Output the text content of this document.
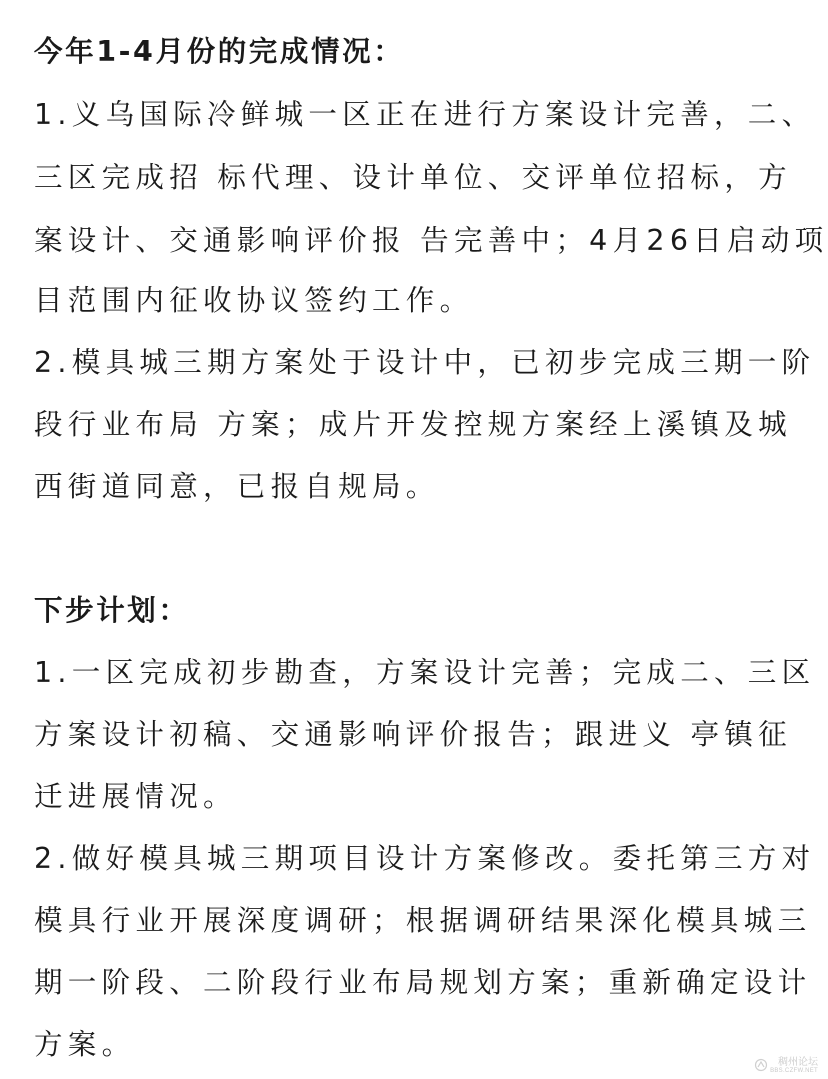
今年1-4月份的完成情况：
1.义乌国际冷鲜城一区正在进行方案设计完善，二、
三区完成招 标代理、设计单位、交评单位招标，方
案设计、交通影响评价报 告完善中；4月26日启动项
目范围内征收协议签约工作。
2.模具城三期方案处于设计中，已初步完成三期一阶
段行业布局 方案；成片开发控规方案经上溪镇及城
西街道同意，已报自规局。
下步计划：
1.一区完成初步勘查，方案设计完善；完成二、三区
方案设计初稿、交通影响评价报告；跟进义 亭镇征
迁进展情况。
2.做好模具城三期项目设计方案修改。委托第三方对
模具行业开展深度调研；根据调研结果深化模具城三
期一阶段、二阶段行业布局规划方案；重新确定设计
方案。
稠州论坛
BBS.CZFW.NET
